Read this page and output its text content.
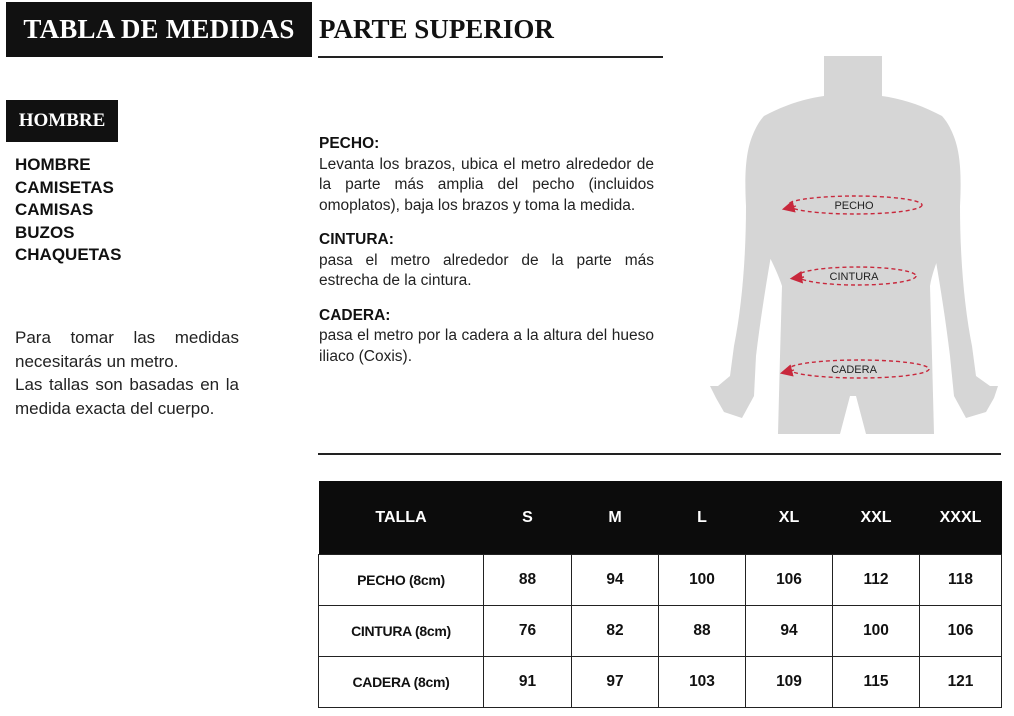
TABLA DE MEDIDAS PARTE SUPERIOR
HOMBRE
HOMBRE
CAMISETAS
CAMISAS
BUZOS
CHAQUETAS

Para tomar las medidas necesitarás un metro.

Las tallas son basadas en la medida exacta del cuerpo.

PECHO:

Levanta los brazos, ubica el metro alrededor de la parte más amplia del pecho (incluidos omoplatos), baja los brazos y toma la medida.

CINTURA:

pasa el metro alrededor de la parte más estrecha de la cintura.

CADERA:

pasa el metro por la cadera a la altura del hueso iliaco (Coxis).

PECHO
CINTURA
CADERA
TALLA	S	M	L	XL	XXL	XXXL
PECHO (8cm)	88	94	100	106	112	118
CINTURA (8cm)	76	82	88	94	100	106
CADERA (8cm)	91	97	103	109	115	121
